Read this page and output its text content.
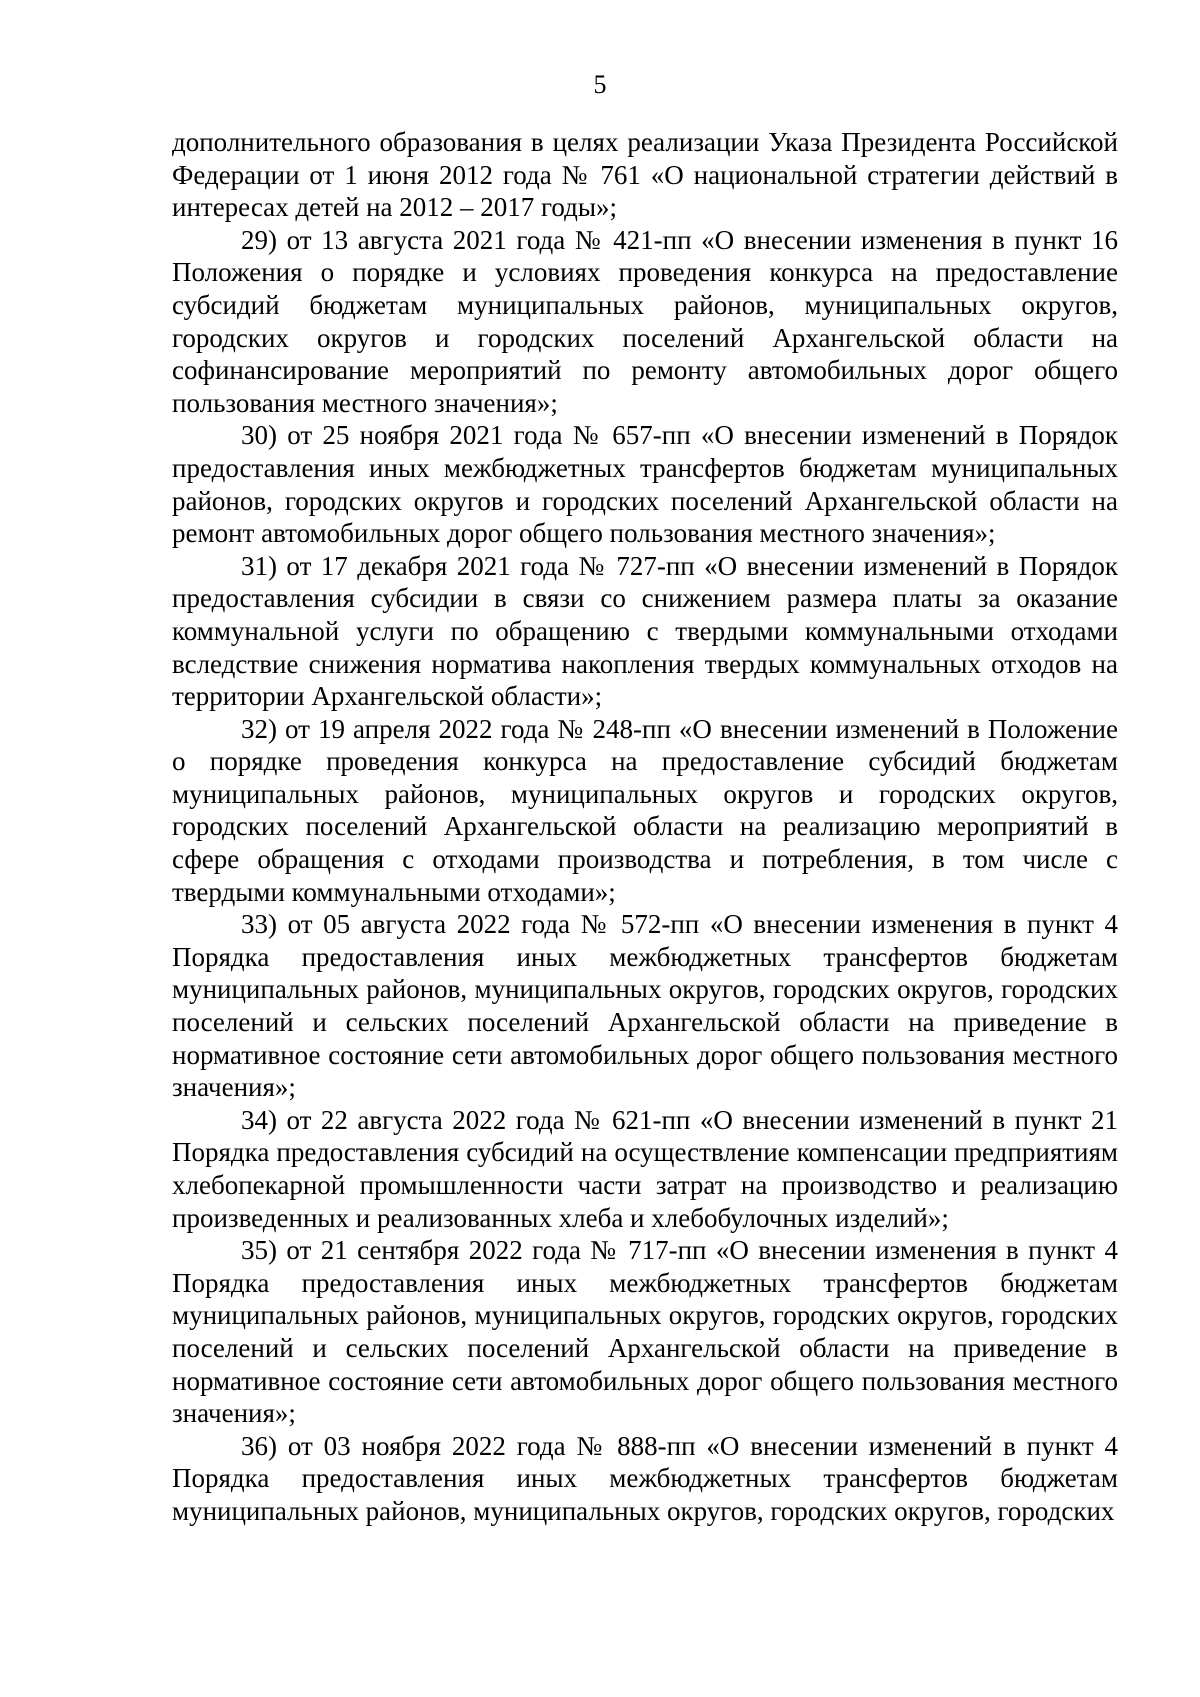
5

дополнительного образования в целях реализации Указа Президента Российской Федерации от 1 июня 2012 года № 761 «О национальной стратегии действий в интересах детей на 2012 – 2017 годы»;

29) от 13 августа 2021 года № 421-пп «О внесении изменения в пункт 16 Положения о порядке и условиях проведения конкурса на предоставление субсидий бюджетам муниципальных районов, муниципальных округов, городских округов и городских поселений Архангельской области на софинансирование мероприятий по ремонту автомобильных дорог общего пользования местного значения»;

30) от 25 ноября 2021 года № 657-пп «О внесении изменений в Порядок предоставления иных межбюджетных трансфертов бюджетам муниципальных районов, городских округов и городских поселений Архангельской области на ремонт автомобильных дорог общего пользования местного значения»;

31) от 17 декабря 2021 года № 727-пп «О внесении изменений в Порядок предоставления субсидии в связи со снижением размера платы за оказание коммунальной услуги по обращению с твердыми коммунальными отходами вследствие снижения норматива накопления твердых коммунальных отходов на территории Архангельской области»;

32) от 19 апреля 2022 года № 248-пп «О внесении изменений в Положение о порядке проведения конкурса на предоставление субсидий бюджетам муниципальных районов, муниципальных округов и городских округов, городских поселений Архангельской области на реализацию мероприятий в сфере обращения с отходами производства и потребления, в том числе с твердыми коммунальными отходами»;

33) от 05 августа 2022 года № 572-пп «О внесении изменения в пункт 4 Порядка предоставления иных межбюджетных трансфертов бюджетам муниципальных районов, муниципальных округов, городских округов, городских поселений и сельских поселений Архангельской области на приведение в нормативное состояние сети автомобильных дорог общего пользования местного значения»;

34) от 22 августа 2022 года № 621-пп «О внесении изменений в пункт 21 Порядка предоставления субсидий на осуществление компенсации предприятиям хлебопекарной промышленности части затрат на производство и реализацию произведенных и реализованных хлеба и хлебобулочных изделий»;

35) от 21 сентября 2022 года № 717-пп «О внесении изменения в пункт 4 Порядка предоставления иных межбюджетных трансфертов бюджетам муниципальных районов, муниципальных округов, городских округов, городских поселений и сельских поселений Архангельской области на приведение в нормативное состояние сети автомобильных дорог общего пользования местного значения»;

36) от 03 ноября 2022 года № 888-пп «О внесении изменений в пункт 4 Порядка предоставления иных межбюджетных трансфертов бюджетам муниципальных районов, муниципальных округов, городских округов, городских
